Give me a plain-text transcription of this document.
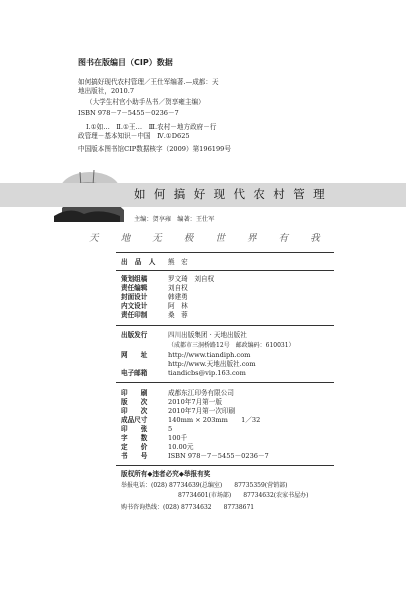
图书在版编目（CIP）数据
如何搞好现代农村管理／王仕军编著.—成都：天
地出版社，2010.7
（大学生村官小助手丛书／贺享雍主编）
ISBN 978－7－5455－0236－7
Ⅰ.①如…　Ⅱ.①王…　Ⅲ.农村－地方政府－行
政管理－基本知识－中国　Ⅳ.①D625
中国版本图书馆CIP数据核字（2009）第196199号
如何搞好现代农村管理
主编：贺享雍　编著：王仕军
天地无极世界有我
出 品 人 熊　宏
策划组稿	罗文琦　刘自权
责任编辑	刘自权
封面设计	韩建勇
内文设计	阿　林
责任印制	桑　蓉
出版发行	四川出版集团 · 天地出版社
（成都市三洞桥路12号　邮政编码：610031）
网　　址	http://www.tiandiph.com
http://www.天地出版社.com
电子邮箱	tiandicbs@vip.163.com
印　　刷	成都东江印务有限公司
版　　次	2010年7月第一版
印　　次	2010年7月第一次印刷
成品尺寸	140mm × 203mm　　1／32
印　　张	5
字　　数	100千
定　　价	10.00元
书　　号	ISBN 978－7－5455－0236－7
版权所有◆违者必究◆举报有奖
举报电话：(028) 87734639(总编室)　　87735359(营销部)
87734601(市场部)　　87734632(农家书屋办)
购书咨询热线：(028) 87734632　　87738671
